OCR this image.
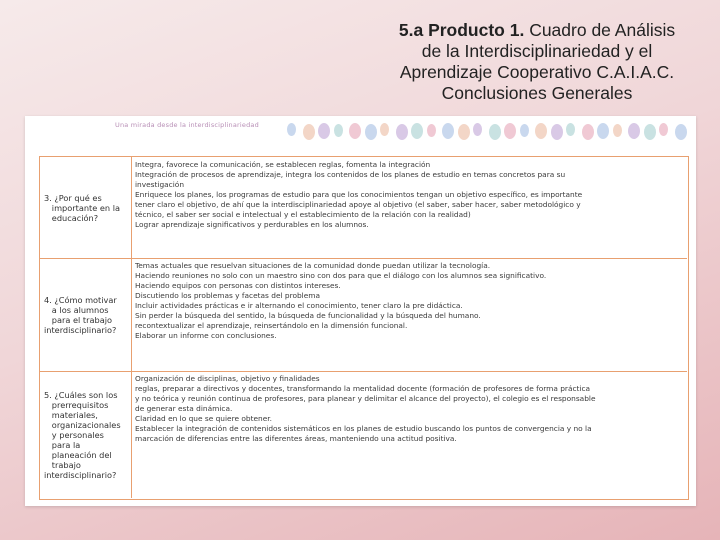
5.a Producto 1. Cuadro de Análisis
de la Interdisciplinariedad y el
Aprendizaje Cooperativo C.A.I.A.C.
Conclusiones Generales
Una mirada desde la interdisciplinariedad
3. ¿Por qué es
importante en la
educación?
Integra, favorece la comunicación, se establecen reglas, fomenta la integración
Integración de procesos de aprendizaje, integra los contenidos de los planes de estudio en temas concretos para su
investigación
Enriquece los planes, los programas de estudio para que los conocimientos tengan un objetivo específico, es importante
tener claro el objetivo, de ahí que la interdisciplinariedad apoye al objetivo (el saber, saber hacer, saber metodológico y
técnico, el saber ser social e intelectual y el establecimiento de la relación con la realidad)
Lograr aprendizaje significativos y perdurables en los alumnos.
4. ¿Cómo motivar
a los alumnos
para el trabajo
interdisciplinario?
Temas actuales que resuelvan situaciones de la comunidad donde puedan utilizar la tecnología.
Haciendo reuniones no solo con un maestro sino con dos para que el diálogo con los alumnos sea significativo.
Haciendo equipos con personas con distintos intereses.
Discutiendo los problemas y facetas del problema
Incluir actividades prácticas e ir alternando el conocimiento, tener claro la pre didáctica.
Sin perder la búsqueda del sentido, la búsqueda de funcionalidad y la búsqueda del humano.
recontextualizar el aprendizaje, reinsertándolo en la dimensión funcional.
Elaborar un informe con conclusiones.
5. ¿Cuáles son los
prerrequisitos
materiales,
organizacionales
y personales
para la
planeación del
trabajo
interdisciplinario?
Organización de disciplinas, objetivo y finalidades
reglas, preparar a directivos y docentes, transformando la mentalidad docente (formación de profesores de forma práctica
y no teórica y reunión continua de profesores, para planear y delimitar el alcance del proyecto), el colegio es el responsable
de generar esta dinámica.
Claridad en lo que se quiere obtener.
Establecer la integración de contenidos sistemáticos en los planes de estudio buscando los puntos de convergencia y no la
marcación de diferencias entre las diferentes áreas, manteniendo una actitud positiva.
